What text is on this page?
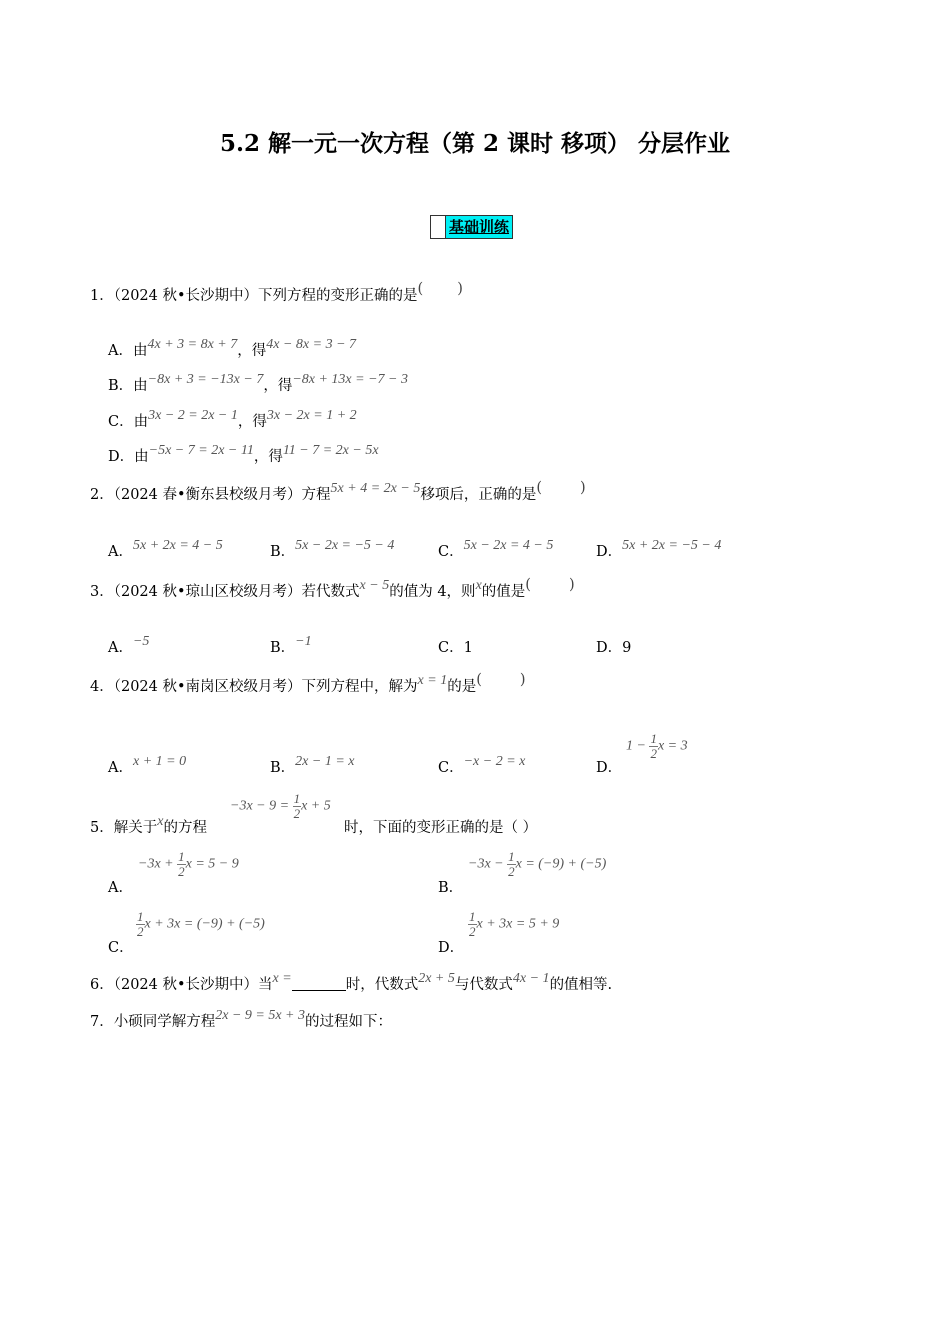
5.2 解一元一次方程（第 2 课时 移项） 分层作业
基础训练
1．（2024 秋•长沙期中）下列方程的变形正确的是( )
A．由4x + 3 = 8x + 7，得4x − 8x = 3 − 7
B．由−8x + 3 = −13x − 7，得−8x + 13x = −7 − 3
C．由3x − 2 = 2x − 1，得3x − 2x = 1 + 2
D．由−5x − 7 = 2x − 11，得11 − 7 = 2x − 5x
2．（2024 春•衡东县校级月考）方程5x + 4 = 2x − 5移项后，正确的是(	)
A．5x + 2x = 4 − 5	B．5x − 2x = −5 − 4	C．5x − 2x = 4 − 5	D．5x + 2x = −5 − 4
3．（2024 秋•琼山区校级月考）若代数式x − 5的值为 4，则x的值是(	)
A．−5	B．−1	C．1	D．9
4．（2024 秋•南岗区校级月考）下列方程中，解为x = 1的是(	)
A．x + 1 = 0	B．2x − 1 = x	C．−x − 2 = x	D．
$1 - \frac{1}{2}$ x = 3
5．解关于x的方程
$-3x - 9 = \frac{1}{2}$ x + 5
时，下面的变形正确的是（ ）
A．
$-3x + \frac{1}{2}$ x = 5 − 9
B．
$-3x - \frac{1}{2}$ x = (−9) + (−5)
C．
$\frac{1}{2}$ x + 3x = (−9) + (−5)
D．
$\frac{1}{2}$ x + 3x = 5 + 9
6．（2024 秋•长沙期中）当x =	时，代数式2x + 5与代数式4x − 1的值相等.
7．小硕同学解方程2x − 9 = 5x + 3的过程如下：
